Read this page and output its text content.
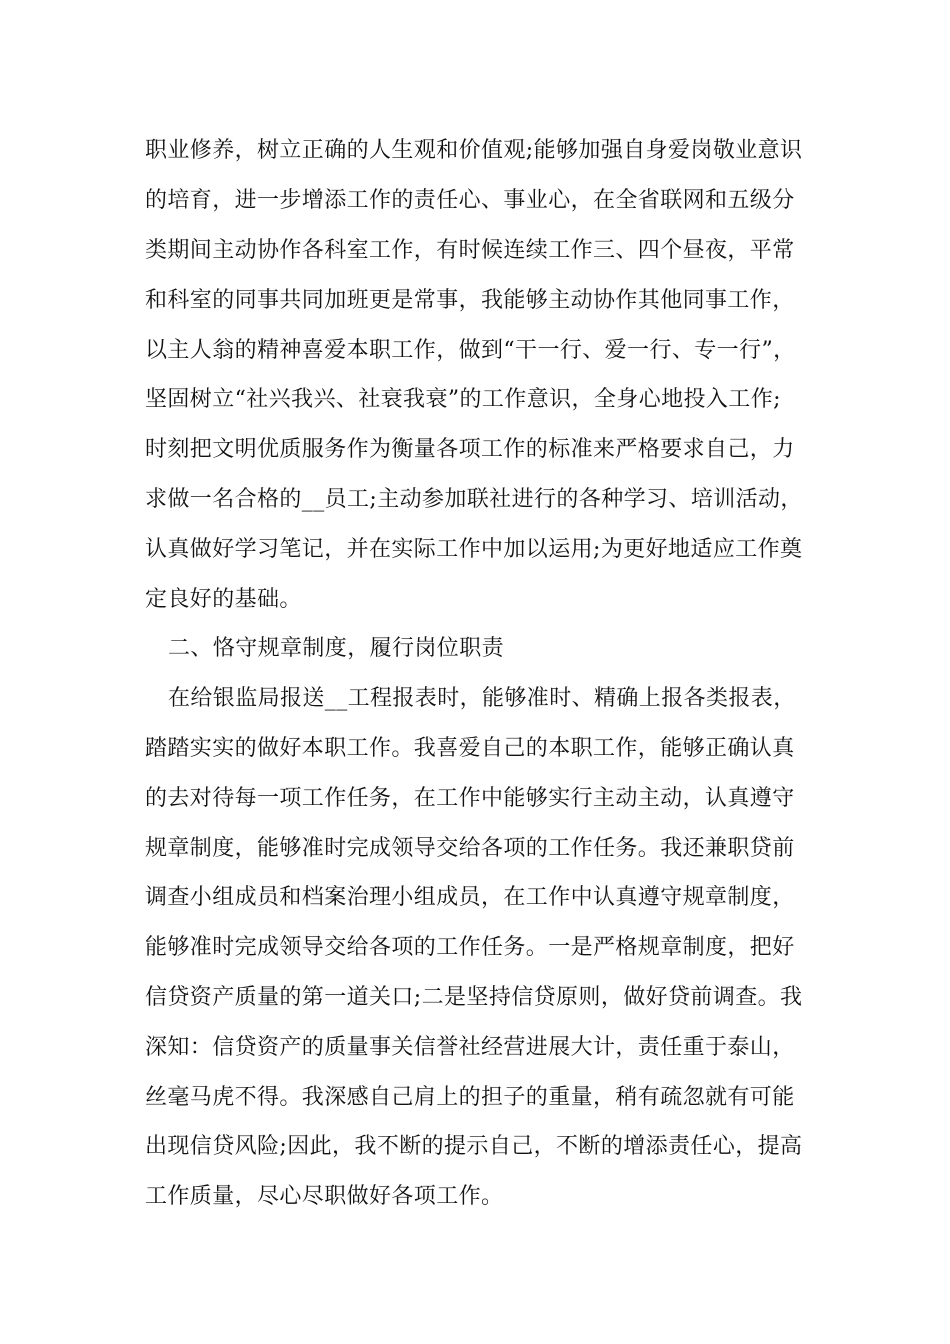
职业修养，树立正确的人生观和价值观;能够加强自身爱岗敬业意识
的培育，进一步增添工作的责任心、事业心，在全省联网和五级分
类期间主动协作各科室工作，有时候连续工作三、四个昼夜，平常
和科室的同事共同加班更是常事，我能够主动协作其他同事工作，
以主人翁的精神喜爱本职工作，做到“干一行、爱一行、专一行”，
坚固树立“社兴我兴、社衰我衰”的工作意识，全身心地投入工作;
时刻把文明优质服务作为衡量各项工作的标准来严格要求自己，力
求做一名合格的__员工;主动参加联社进行的各种学习、培训活动，
认真做好学习笔记，并在实际工作中加以运用;为更好地适应工作奠
定良好的基础。
二、恪守规章制度，履行岗位职责
在给银监局报送__工程报表时，能够准时、精确上报各类报表，
踏踏实实的做好本职工作。我喜爱自己的本职工作，能够正确认真
的去对待每一项工作任务，在工作中能够实行主动主动，认真遵守
规章制度，能够准时完成领导交给各项的工作任务。我还兼职贷前
调查小组成员和档案治理小组成员，在工作中认真遵守规章制度，
能够准时完成领导交给各项的工作任务。一是严格规章制度，把好
信贷资产质量的第一道关口;二是坚持信贷原则，做好贷前调查。我
深知：信贷资产的质量事关信誉社经营进展大计，责任重于泰山，
丝毫马虎不得。我深感自己肩上的担子的重量，稍有疏忽就有可能
出现信贷风险;因此，我不断的提示自己，不断的增添责任心，提高
工作质量，尽心尽职做好各项工作。
